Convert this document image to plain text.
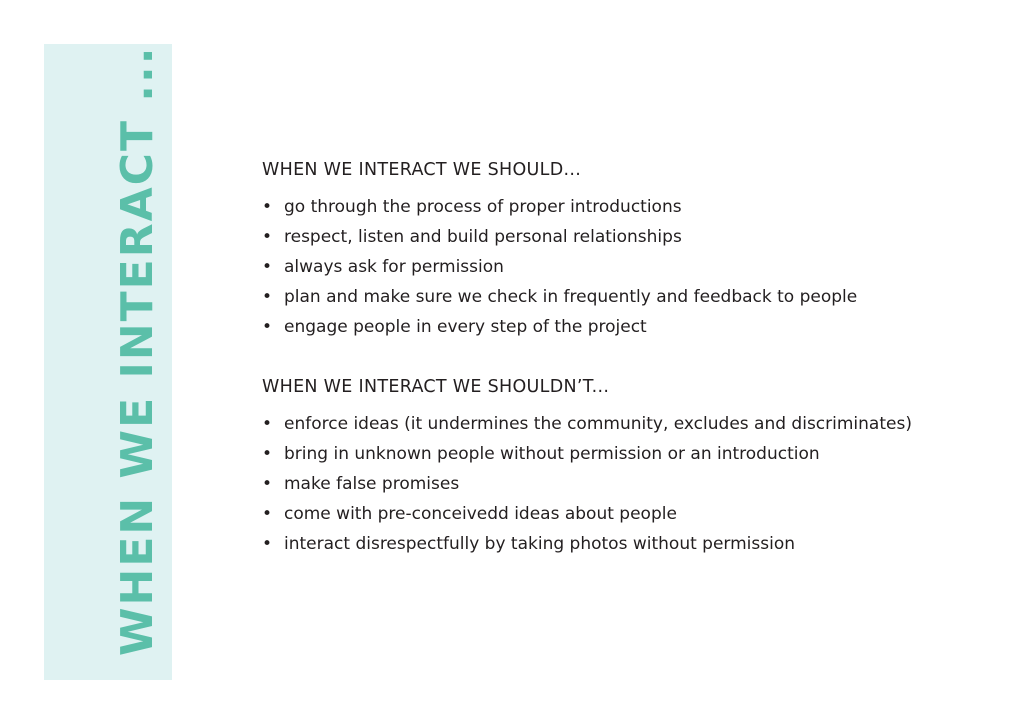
WHEN WE INTERACT ...	WHEN WE INTERACT WE SHOULD...
• go through the process of proper introductions
• respect, listen and build personal relationships
• always ask for permission
• plan and make sure we check in frequently and feedback to people
• engage people in every step of the project
WHEN WE INTERACT WE SHOULDN’T...
• enforce ideas (it undermines the community, excludes and discriminates)
• bring in unknown people without permission or an introduction
• make false promises
• come with pre-conceivedd ideas about people
• interact disrespectfully by taking photos without permission
